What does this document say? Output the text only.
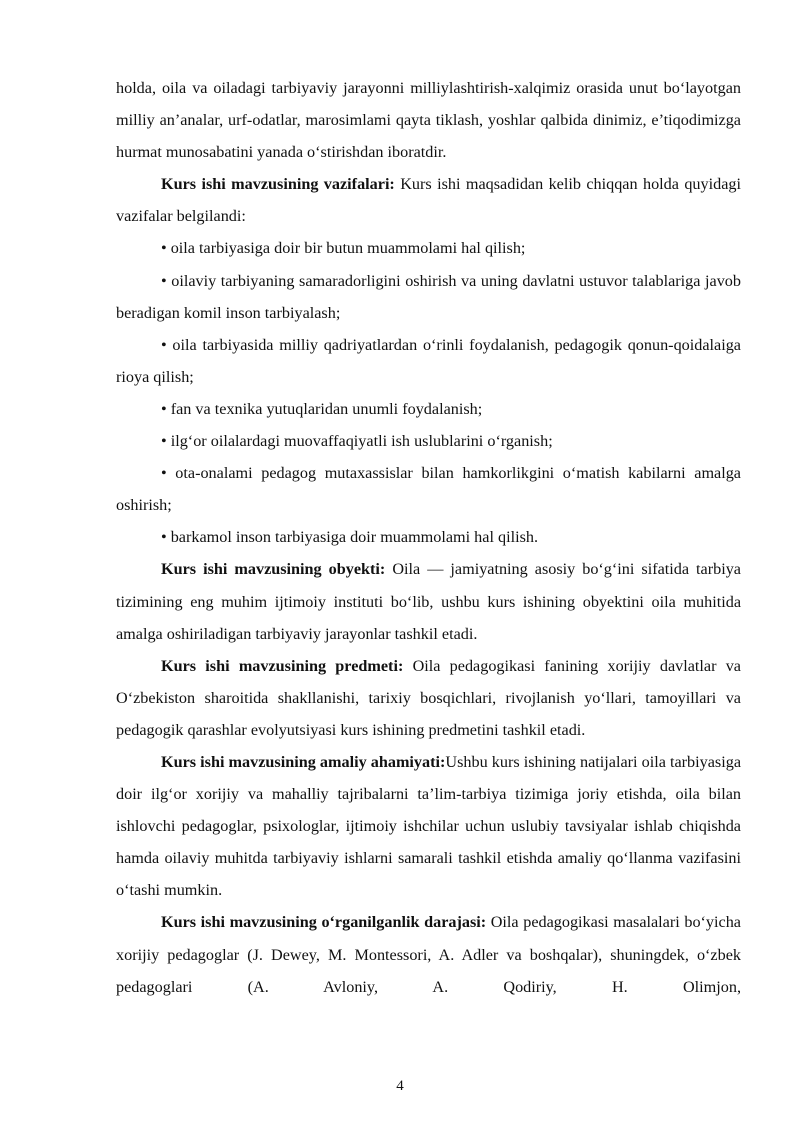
holda, oila va oiladagi tarbiyaviy jarayonni milliylashtirish-xalqimiz orasida unut bo‘layotgan milliy an’analar, urf-odatlar, marosimlami qayta tiklash, yoshlar qalbida dinimiz, e’tiqodimizga hurmat munosabatini yanada o‘stirishdan iboratdir.

Kurs ishi mavzusining vazifalari: Kurs ishi maqsadidan kelib chiqqan holda quyidagi vazifalar belgilandi:

• oila tarbiyasiga doir bir butun muammolami hal qilish;

• oilaviy tarbiyaning samaradorligini oshirish va uning davlatni ustuvor talablariga javob beradigan komil inson tarbiyalash;

• oila tarbiyasida milliy qadriyatlardan o‘rinli foydalanish, pedagogik qonun-qoidalaiga rioya qilish;

• fan va texnika yutuqlaridan unumli foydalanish;

• ilg‘or oilalardagi muovaffaqiyatli ish uslublarini o‘rganish;

• ota-onalami pedagog mutaxassislar bilan hamkorlikgini o‘matish kabilarni amalga oshirish;

• barkamol inson tarbiyasiga doir muammolami hal qilish.

Kurs ishi mavzusining obyekti: Oila — jamiyatning asosiy bo‘g‘ini sifatida tarbiya tizimining eng muhim ijtimoiy instituti bo‘lib, ushbu kurs ishining obyektini oila muhitida amalga oshiriladigan tarbiyaviy jarayonlar tashkil etadi.

Kurs ishi mavzusining predmeti: Oila pedagogikasi fanining xorijiy davlatlar va O‘zbekiston sharoitida shakllanishi, tarixiy bosqichlari, rivojlanish yo‘llari, tamoyillari va pedagogik qarashlar evolyutsiyasi kurs ishining predmetini tashkil etadi.

Kurs ishi mavzusining amaliy ahamiyati:Ushbu kurs ishining natijalari oila tarbiyasiga doir ilg‘or xorijiy va mahalliy tajribalarni ta’lim-tarbiya tizimiga joriy etishda, oila bilan ishlovchi pedagoglar, psixologlar, ijtimoiy ishchilar uchun uslubiy tavsiyalar ishlab chiqishda hamda oilaviy muhitda tarbiyaviy ishlarni samarali tashkil etishda amaliy qo‘llanma vazifasini o‘tashi mumkin.

Kurs ishi mavzusining o‘rganilganlik darajasi: Oila pedagogikasi masalalari bo‘yicha xorijiy pedagoglar (J. Dewey, M. Montessori, A. Adler va boshqalar), shuningdek, o‘zbek pedagoglari (A. Avloniy, A. Qodiriy, H. Olimjon,

4
